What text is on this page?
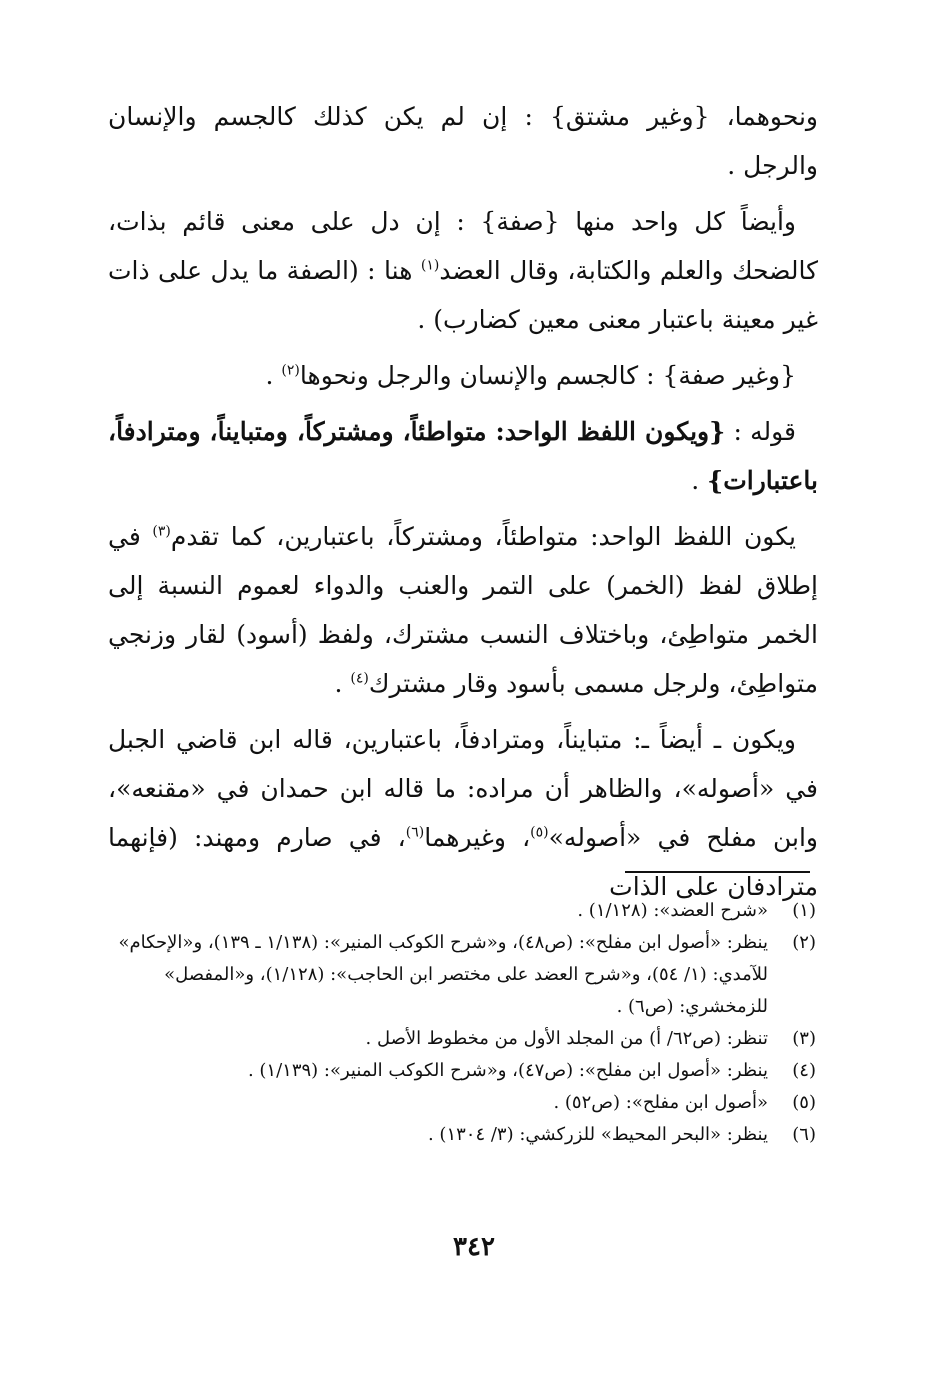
ونحوهما، {وغير مشتق} : إن لم يكن كذلك كالجسم والإنسان والرجل .

وأيضاً كل واحد منها {صفة} : إن دل على معنى قائم بذات، كالضحك والعلم والكتابة، وقال العضد$^{(١)}$ هنا : (الصفة ما يدل على ذات غير معينة باعتبار معنى معين كضارب) .

{وغير صفة} : كالجسم والإنسان والرجل ونحوها$^{(٢)}$ .

قوله : {ويكون اللفظ الواحد: متواطئاً، ومشتركاً، ومتبايناً، ومترادفاً، باعتبارات} .

يكون اللفظ الواحد: متواطئاً، ومشتركاً، باعتبارين، كما تقدم$^{(٣)}$ في إطلاق لفظ (الخمر) على التمر والعنب والدواء لعموم النسبة إلى الخمر متواطِئ، وباختلاف النسب مشترك، ولفظ (أسود) لقار وزنجي متواطِئ، ولرجل مسمى بأسود وقار مشترك$^{(٤)}$ .

ويكون ـ أيضاً ـ: متبايناً، ومترادفاً، باعتبارين، قاله ابن قاضي الجبل في «أصوله»، والظاهر أن مراده: ما قاله ابن حمدان في «مقنعه»، وابن مفلح في «أصوله»$^{(٥)}$، وغيرهما$^{(٦)}$، في صارم ومهند: (فإنهما مترادفان على الذات

(١)
«شرح العضد»: (١/١٢٨) .
(٢)
ينظر: «أصول ابن مفلح»: (ص٤٨)، و«شرح الكوكب المنير»: (١/١٣٨ ـ ١٣٩)، و«الإحكام» للآمدي: (١/ ٥٤)، و«شرح العضد على مختصر ابن الحاجب»: (١/١٢٨)، و«المفصل» للزمخشري: (ص٦) .
(٣)
تنظر: (ص٦٢/ أ) من المجلد الأول من مخطوط الأصل .
(٤)
ينظر: «أصول ابن مفلح»: (ص٤٧)، و«شرح الكوكب المنير»: (١/١٣٩) .
(٥)
«أصول ابن مفلح»: (ص٥٢) .
(٦)
ينظر: «البحر المحيط» للزركشي: (٣/ ١٣٠٤) .
٣٤٢
